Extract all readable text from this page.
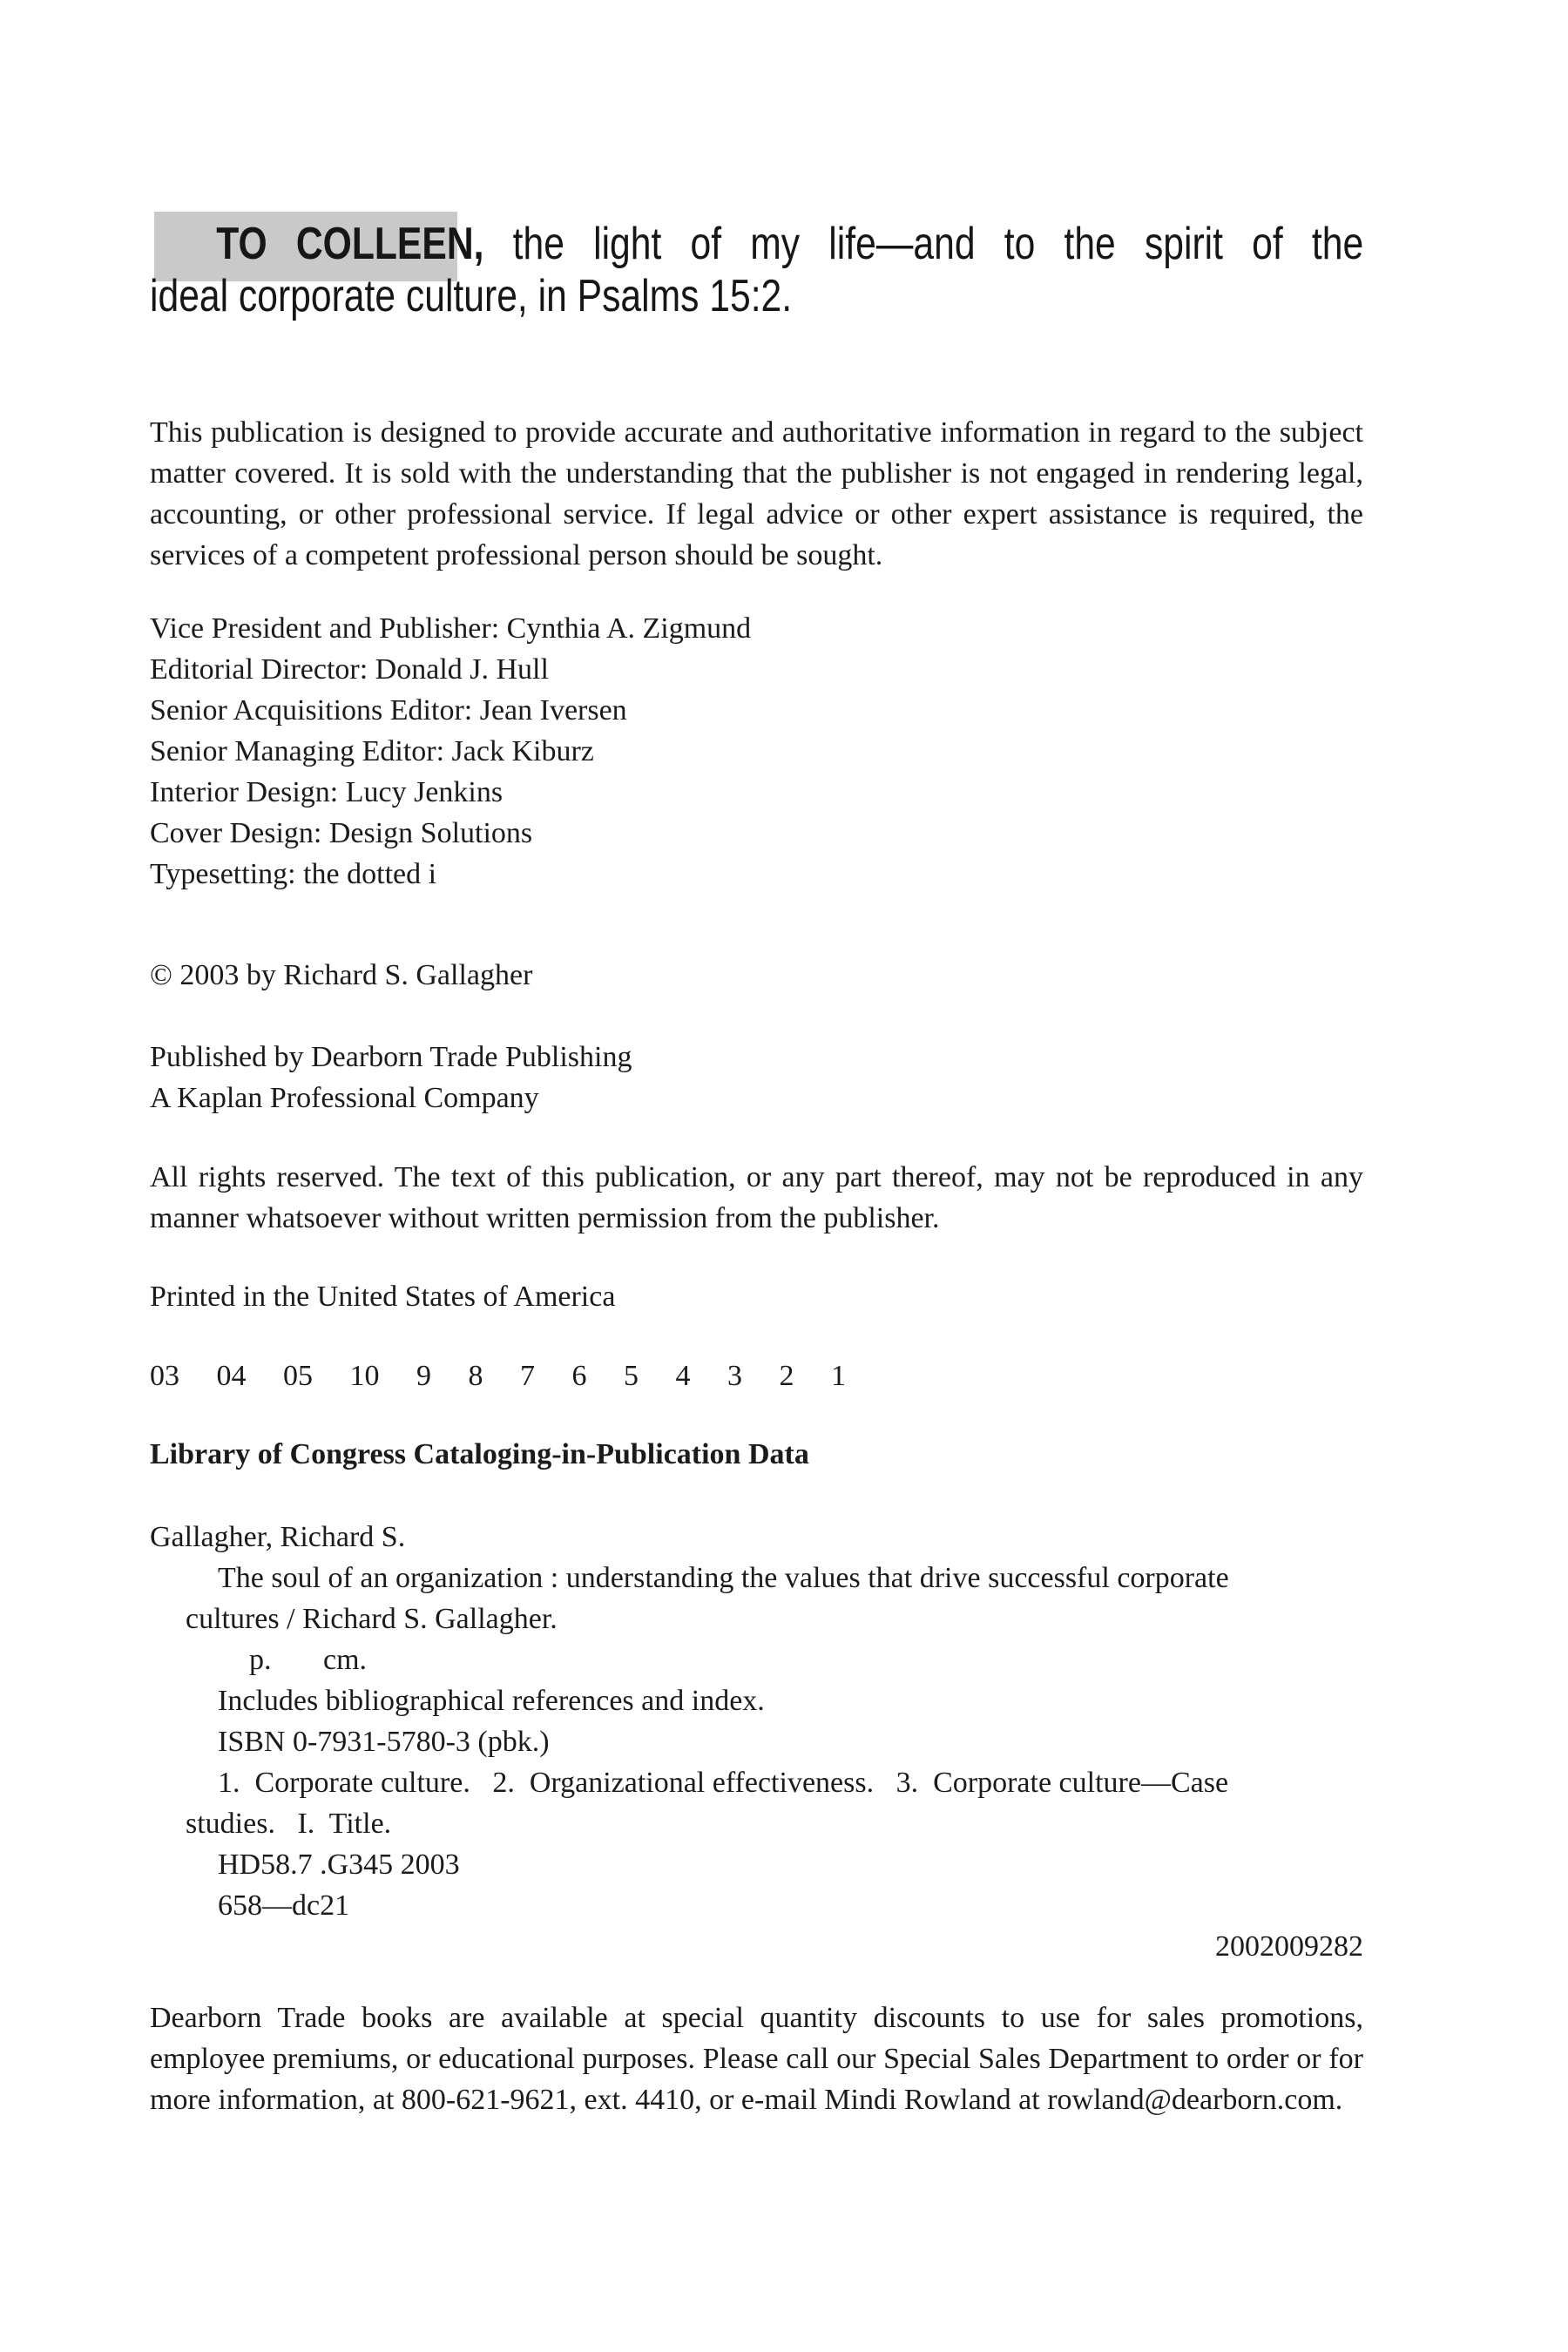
TO COLLEEN, the light of my life—and to the spirit of the
ideal corporate culture, in Psalms 15:2.
This publication is designed to provide accurate and authoritative information in regard to the subject matter covered. It is sold with the understanding that the publisher is not engaged in rendering legal, accounting, or other professional service. If legal advice or other expert assistance is required, the services of a competent professional person should be sought.
Vice President and Publisher: Cynthia A. Zigmund
Editorial Director: Donald J. Hull
Senior Acquisitions Editor: Jean Iversen
Senior Managing Editor: Jack Kiburz
Interior Design: Lucy Jenkins
Cover Design: Design Solutions
Typesetting: the dotted i
© 2003 by Richard S. Gallagher
Published by Dearborn Trade Publishing
A Kaplan Professional Company
All rights reserved. The text of this publication, or any part thereof, may not be reproduced in any manner whatsoever without written permission from the publisher.
Printed in the United States of America
03     04     05     10     9     8     7     6     5     4     3     2     1
Library of Congress Cataloging-in-Publication Data
Gallagher, Richard S.
The soul of an organization : understanding the values that drive successful corporate
cultures / Richard S. Gallagher.
p.       cm.
Includes bibliographical references and index.
ISBN 0-7931-5780-3 (pbk.)
1.  Corporate culture.   2.  Organizational effectiveness.   3.  Corporate culture—Case
studies.   I.  Title.
HD58.7 .G345 2003
658—dc21
2002009282
Dearborn Trade books are available at special quantity discounts to use for sales promotions, employee premiums, or educational purposes. Please call our Special Sales Department to order or for more information, at 800-621-9621, ext. 4410, or e-mail Mindi Rowland at rowland@dearborn.com.
